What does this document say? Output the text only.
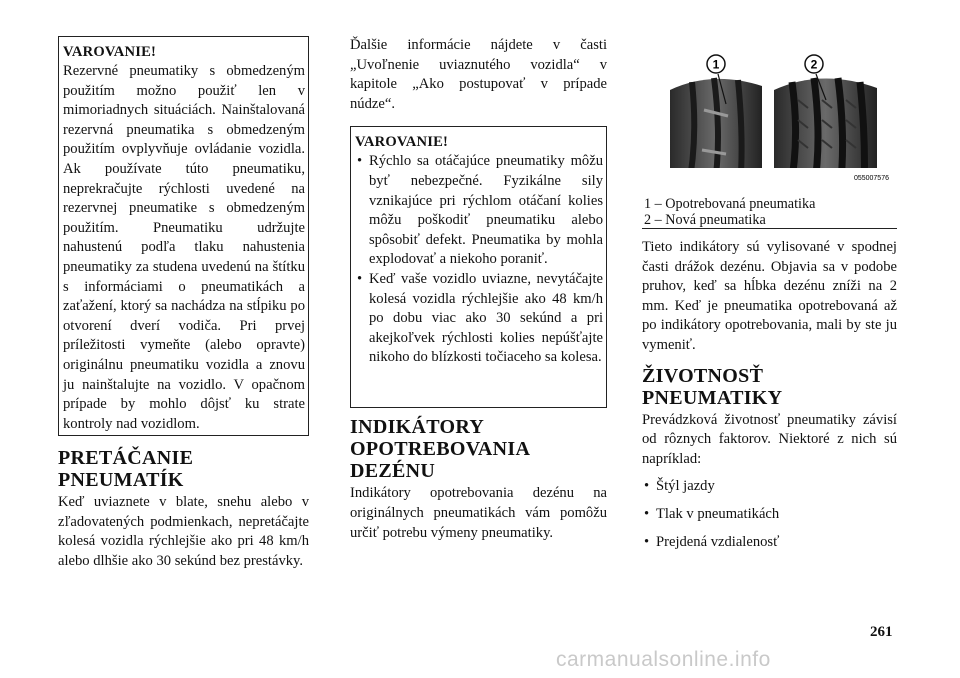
VAROVANIE!

Rezervné pneumatiky s obmedzeným použitím možno použiť len v mimoriadnych situáciách. Nainštalovaná rezervná pneumatika s obmedzeným použitím ovplyvňuje ovládanie vozidla. Ak používate túto pneumatiku, neprekračujte rýchlosti uvedené na rezervnej pneumatike s obmedzeným použitím. Pneumatiku udržujte nahustenú podľa tlaku nahustenia pneumatiky za studena uvedenú na štítku s informáciami o pneumatikách a zaťažení, ktorý sa nachádza na stĺpiku po otvorení dverí vodiča. Pri prvej príležitosti vymeňte (alebo opravte) originálnu pneumatiku vozidla a znovu ju nainštalujte na vozidlo. V opačnom prípade by mohlo dôjsť ku strate kontroly nad vozidlom.

PRETÁČANIE PNEUMATÍK

Keď uviaznete v blate, snehu alebo v zľadovatených podmienkach, nepretáčajte kolesá vozidla rýchlejšie ako pri 48 km/h alebo dlhšie ako 30 sekúnd bez prestávky.

Ďalšie informácie nájdete v časti „Uvoľnenie uviaznutého vozidla“ v kapitole „Ako postupovať v prípade núdze“.

VAROVANIE!

• Rýchlo sa otáčajúce pneumatiky môžu byť nebezpečné. Fyzikálne sily vznikajúce pri rýchlom otáčaní kolies môžu poškodiť pneumatiku alebo spôsobiť defekt. Pneumatika by mohla explodovať a niekoho poraniť.
• Keď vaše vozidlo uviazne, nevytáčajte kolesá vozidla rýchlejšie ako 48 km/h po dobu viac ako 30 sekúnd a pri akejkoľvek rýchlosti kolies nepúšťajte nikoho do blízkosti točiaceho sa kolesa.
INDIKÁTORY OPOTREBOVANIA DEZÉNU

Indikátory opotrebovania dezénu na originálnych pneumatikách vám pomôžu určiť potrebu výmeny pneumatiky.

1	2
055007576

1 – Opotrebovaná pneumatika

2 – Nová pneumatika

Tieto indikátory sú vylisované v spodnej časti drážok dezénu. Objavia sa v podobe pruhov, keď sa hĺbka dezénu zníži na 2 mm. Keď je pneumatika opotrebovaná až po indikátory opotrebovania, mali by ste ju vymeniť.

ŽIVOTNOSŤ PNEUMATIKY

Prevádzková životnosť pneumatiky závisí od rôznych faktorov. Niektoré z nich sú napríklad:

• Štýl jazdy
• Tlak v pneumatikách
• Prejdená vzdialenosť
261
carmanualsonline.info
